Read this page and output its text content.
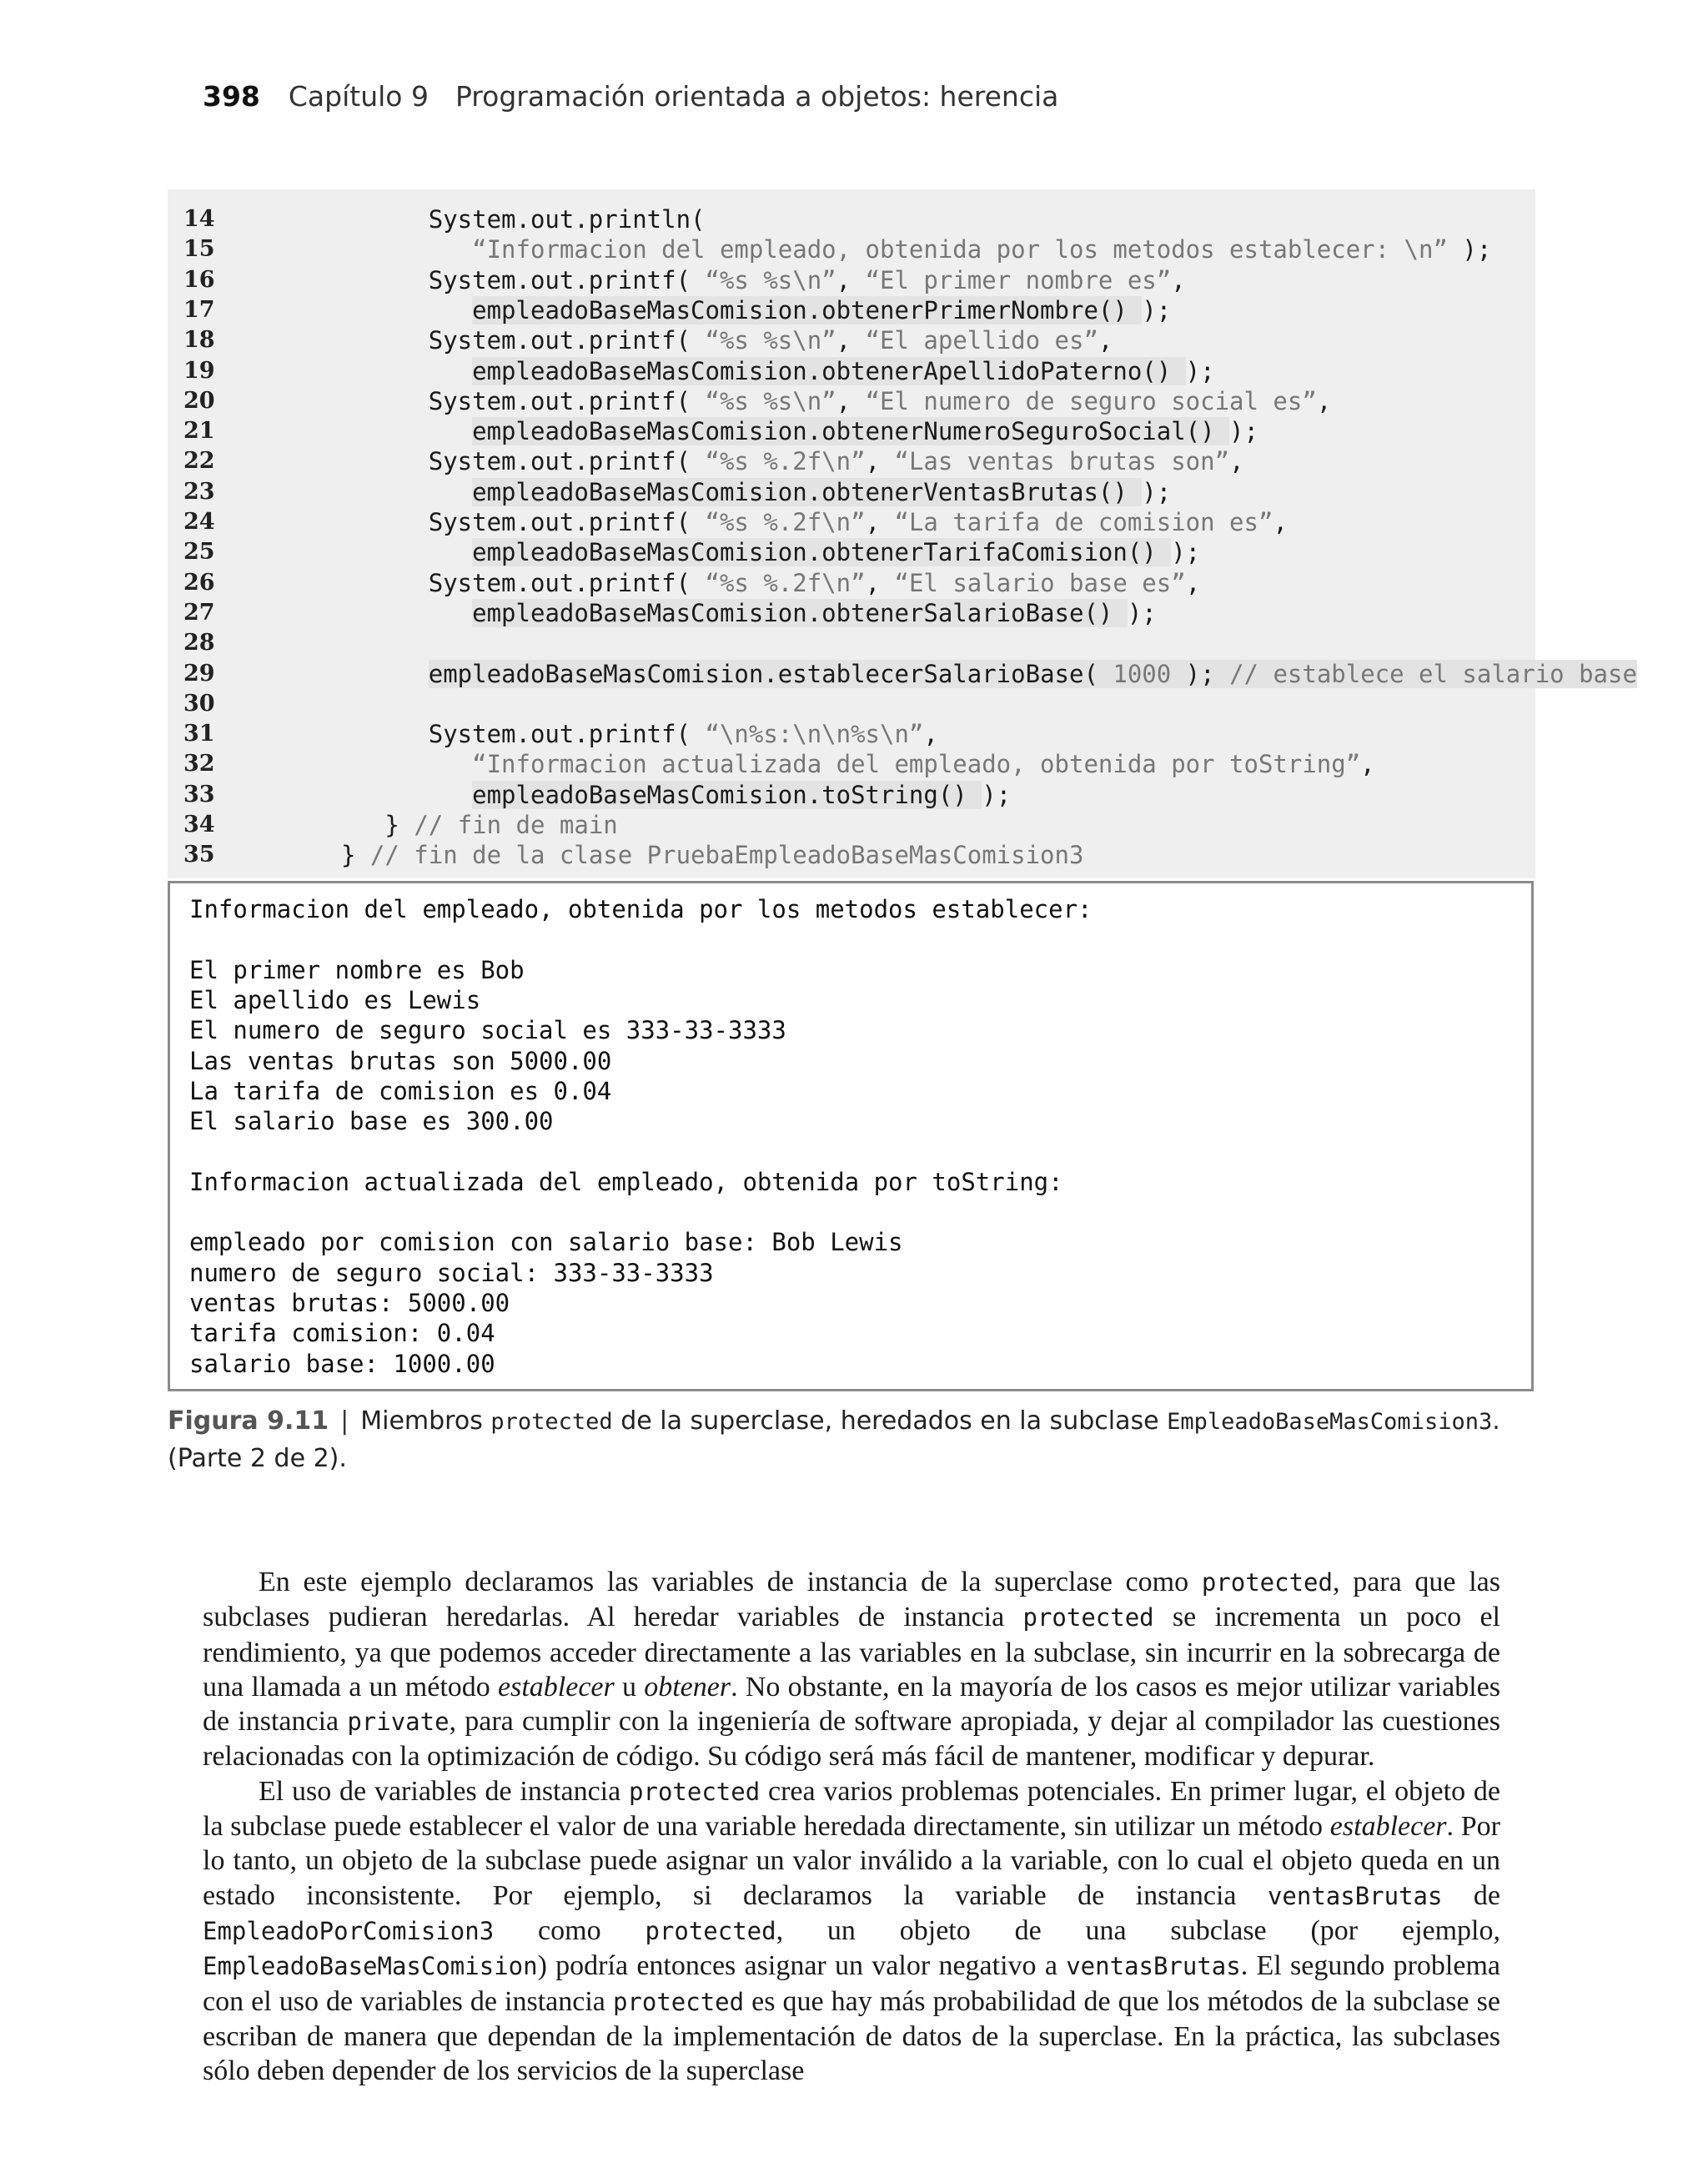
398 Capítulo 9 Programación orientada a objetos: herencia
14	System.out.println(
15	“Informacion del empleado, obtenida por los metodos establecer: \n” );
16	System.out.printf( “%s %s\n”, “El primer nombre es”,
17	empleadoBaseMasComision.obtenerPrimerNombre() );
18	System.out.printf( “%s %s\n”, “El apellido es”,
19	empleadoBaseMasComision.obtenerApellidoPaterno() );
20	System.out.printf( “%s %s\n”, “El numero de seguro social es”,
21	empleadoBaseMasComision.obtenerNumeroSeguroSocial() );
22	System.out.printf( “%s %.2f\n”, “Las ventas brutas son”,
23	empleadoBaseMasComision.obtenerVentasBrutas() );
24	System.out.printf( “%s %.2f\n”, “La tarifa de comision es”,
25	empleadoBaseMasComision.obtenerTarifaComision() );
26	System.out.printf( “%s %.2f\n”, “El salario base es”,
27	empleadoBaseMasComision.obtenerSalarioBase() );
28
29	empleadoBaseMasComision.establecerSalarioBase( 1000 ); // establece el salario base
30
31	System.out.printf( “\n%s:\n\n%s\n”,
32	“Informacion actualizada del empleado, obtenida por toString”,
33	empleadoBaseMasComision.toString() );
34	} // fin de main
35	} // fin de la clase PruebaEmpleadoBaseMasComision3
Informacion del empleado, obtenida por los metodos establecer:
El primer nombre es Bob
El apellido es Lewis
El numero de seguro social es 333-33-3333
Las ventas brutas son 5000.00
La tarifa de comision es 0.04
El salario base es 300.00
Informacion actualizada del empleado, obtenida por toString:
empleado por comision con salario base: Bob Lewis
numero de seguro social: 333-33-3333
ventas brutas: 5000.00
tarifa comision: 0.04
salario base: 1000.00
Figura 9.11 | Miembros protected de la superclase, heredados en la subclase EmpleadoBaseMasComision3. (Parte 2 de 2).

En este ejemplo declaramos las variables de instancia de la superclase como protected, para que las subclases pudieran heredarlas. Al heredar variables de instancia protected se incrementa un poco el rendimiento, ya que podemos acceder directamente a las variables en la subclase, sin incurrir en la sobrecarga de una llamada a un método establecer u obtener. No obstante, en la mayoría de los casos es mejor utilizar variables de instancia private, para cumplir con la ingeniería de software apropiada, y dejar al compilador las cuestiones relacionadas con la optimización de código. Su código será más fácil de mantener, modificar y depurar.

El uso de variables de instancia protected crea varios problemas potenciales. En primer lugar, el objeto de la subclase puede establecer el valor de una variable heredada directamente, sin utilizar un método establecer. Por lo tanto, un objeto de la subclase puede asignar un valor inválido a la variable, con lo cual el objeto queda en un estado inconsistente. Por ejemplo, si declaramos la variable de instancia ventasBrutas de EmpleadoPorComision3 como protected, un objeto de una subclase (por ejemplo, EmpleadoBaseMasComision) podría entonces asignar un valor negativo a ventasBrutas. El segundo problema con el uso de variables de instancia protected es que hay más probabilidad de que los métodos de la subclase se escriban de manera que dependan de la implementación de datos de la superclase. En la práctica, las subclases sólo deben depender de los servicios de la superclase
